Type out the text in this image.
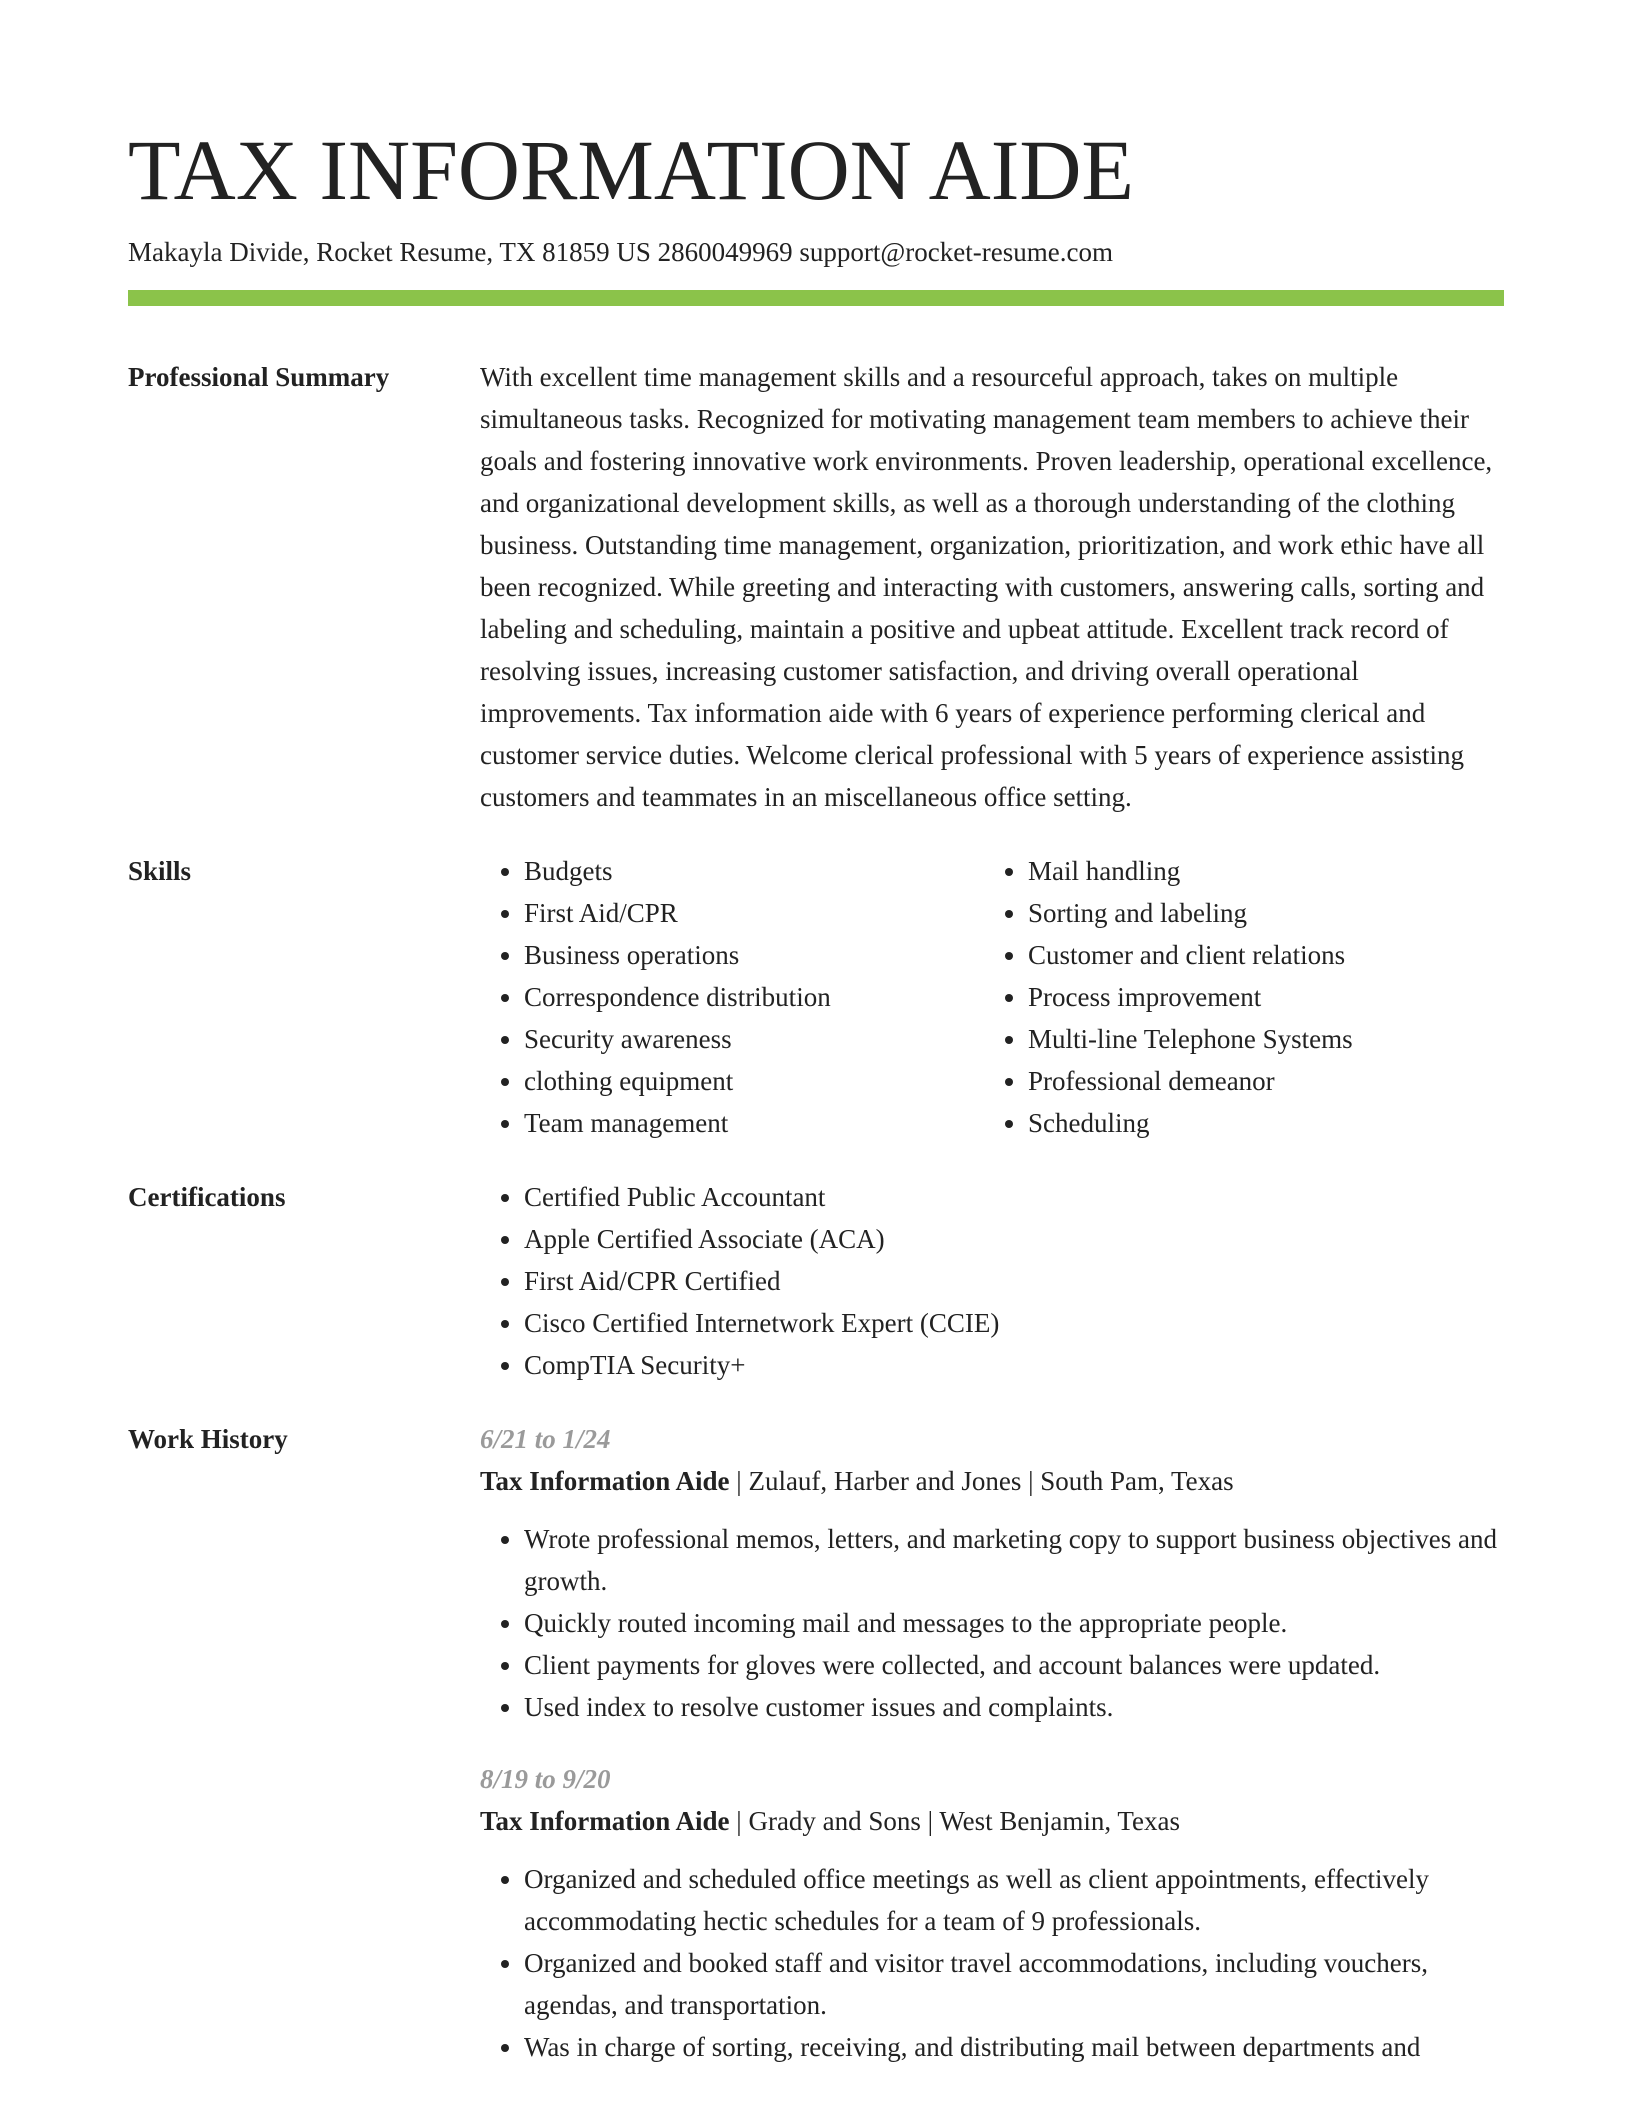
TAX INFORMATION AIDE
Makayla Divide, Rocket Resume, TX 81859 US 2860049969 support@rocket-resume.com
Professional Summary	With excellent time management skills and a resourceful approach, takes on multiple simultaneous tasks. Recognized for motivating management team members to achieve their goals and fostering innovative work environments. Proven leadership, operational excellence, and organizational development skills, as well as a thorough understanding of the clothing business. Outstanding time management, organization, prioritization, and work ethic have all been recognized. While greeting and interacting with customers, answering calls, sorting and labeling and scheduling, maintain a positive and upbeat attitude. Excellent track record of resolving issues, increasing customer satisfaction, and driving overall operational improvements. Tax information aide with 6 years of experience performing clerical and customer service duties. Welcome clerical professional with 5 years of experience assisting customers and teammates in an miscellaneous office setting.
Skills	• Budgets
• First Aid/CPR
• Business operations
• Correspondence distribution
• Security awareness
• clothing equipment
• Team management
• Mail handling
• Sorting and labeling
• Customer and client relations
• Process improvement
• Multi-line Telephone Systems
• Professional demeanor
• Scheduling
Certifications	• Certified Public Accountant
• Apple Certified Associate (ACA)
• First Aid/CPR Certified
• Cisco Certified Internetwork Expert (CCIE)
• CompTIA Security+
Work History	6/21 to 1/24
Tax Information Aide | Zulauf, Harber and Jones | South Pam, Texas
• Wrote professional memos, letters, and marketing copy to support business objectives and growth.
• Quickly routed incoming mail and messages to the appropriate people.
• Client payments for gloves were collected, and account balances were updated.
• Used index to resolve customer issues and complaints.
8/19 to 9/20
Tax Information Aide | Grady and Sons | West Benjamin, Texas
• Organized and scheduled office meetings as well as client appointments, effectively accommodating hectic schedules for a team of 9 professionals.
• Organized and booked staff and visitor travel accommodations, including vouchers, agendas, and transportation.
• Was in charge of sorting, receiving, and distributing mail between departments and
